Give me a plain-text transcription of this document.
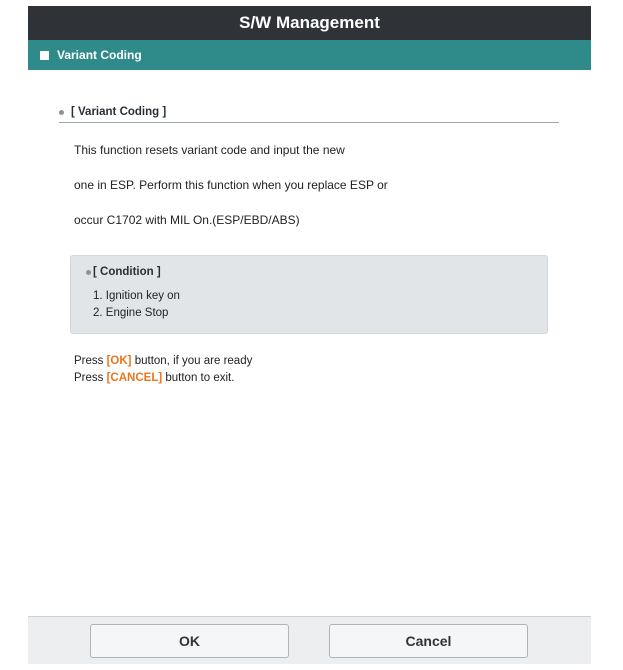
S/W Management
Variant Coding
[ Variant Coding ]
This function resets variant code and input the new
one in ESP. Perform this function when you replace ESP or
occur C1702 with MIL On.(ESP/EBD/ABS)
[ Condition ]
1. Ignition key on
2. Engine Stop
Press [OK] button, if you are ready
Press [CANCEL] button to exit.
OK	Cancel
